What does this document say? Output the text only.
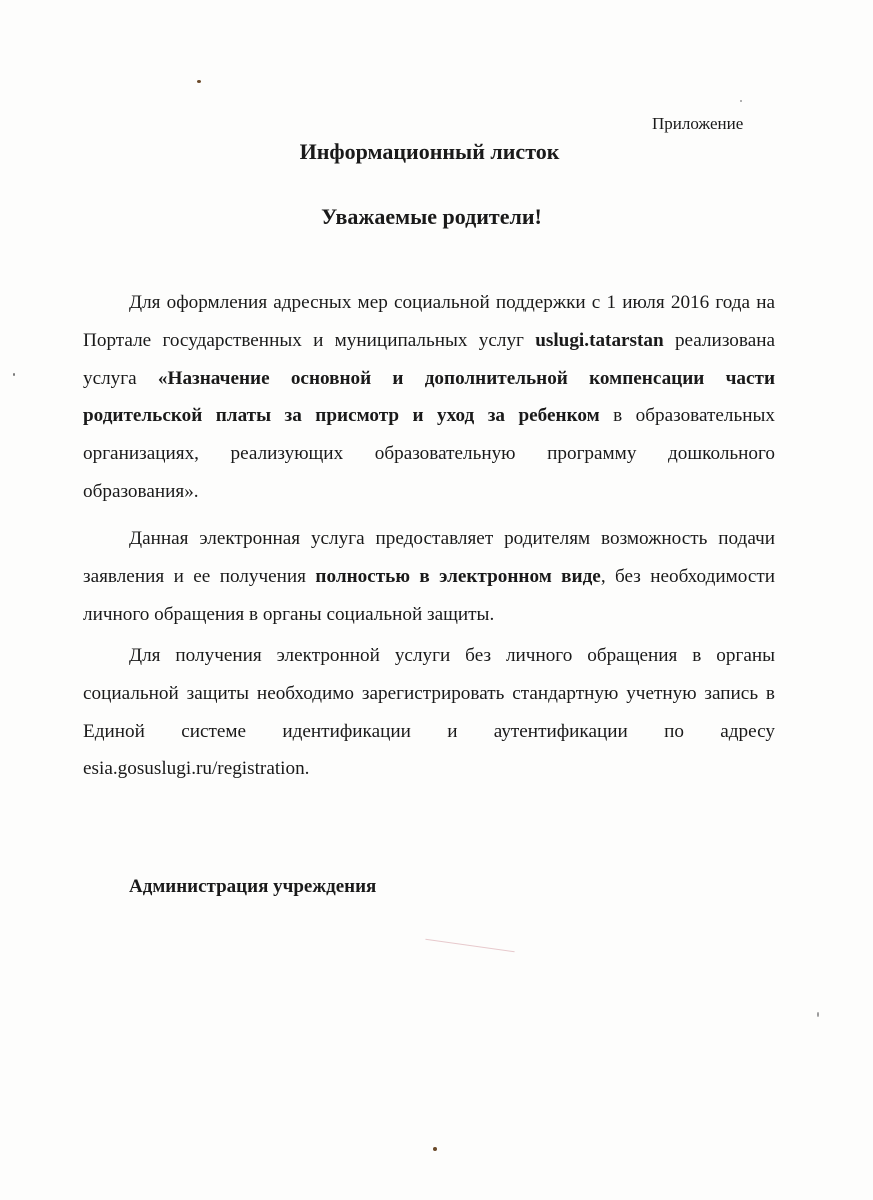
Приложение
Информационный листок
Уважаемые родители!

Для оформления адресных мер социальной поддержки с 1 июля 2016 года на Портале государственных и муниципальных услуг uslugi.tatarstan реализована услуга «Назначение основной и дополнительной компенсации части родительской платы за присмотр и уход за ребенком в образовательных организациях, реализующих образовательную программу дошкольного образования».

Данная электронная услуга предоставляет родителям возможность подачи заявления и ее получения полностью в электронном виде, без необходимости личного обращения в органы социальной защиты.

Для получения электронной услуги без личного обращения в органы социальной защиты необходимо зарегистрировать стандартную учетную запись в Единой системе идентификации и аутентификации по адресу esia.gosuslugi.ru/registration.

Администрация учреждения
